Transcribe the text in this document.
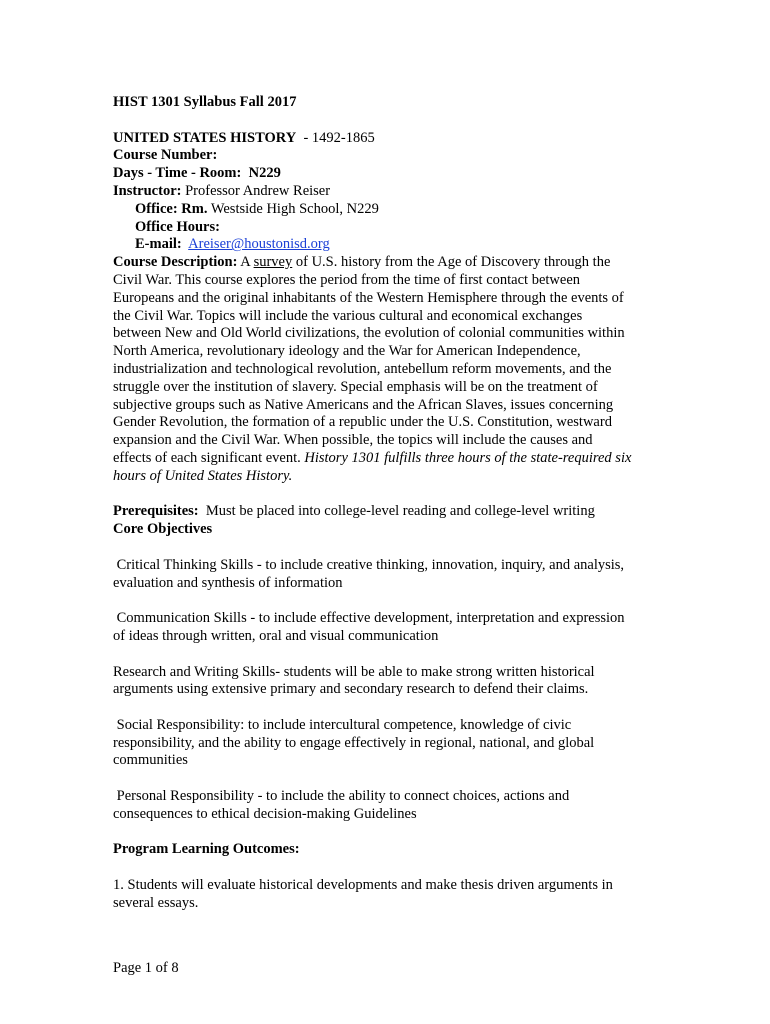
HIST 1301 Syllabus Fall 2017
UNITED STATES HISTORY - 1492-1865
Course Number:
Days - Time - Room: N229
Instructor: Professor Andrew Reiser
Office: Rm. Westside High School, N229
Office Hours:
E-mail: Areiser@houstonisd.org
Course Description: A survey of U.S. history from the Age of Discovery through the
Civil War. This course explores the period from the time of first contact between
Europeans and the original inhabitants of the Western Hemisphere through the events of
the Civil War. Topics will include the various cultural and economical exchanges
between New and Old World civilizations, the evolution of colonial communities within
North America, revolutionary ideology and the War for American Independence,
industrialization and technological revolution, antebellum reform movements, and the
struggle over the institution of slavery. Special emphasis will be on the treatment of
subjective groups such as Native Americans and the African Slaves, issues concerning
Gender Revolution, the formation of a republic under the U.S. Constitution, westward
expansion and the Civil War. When possible, the topics will include the causes and
effects of each significant event. History 1301 fulfills three hours of the state-required six
hours of United States History.
Prerequisites: Must be placed into college-level reading and college-level writing
Core Objectives
Critical Thinking Skills - to include creative thinking, innovation, inquiry, and analysis,
evaluation and synthesis of information
Communication Skills - to include effective development, interpretation and expression
of ideas through written, oral and visual communication
Research and Writing Skills- students will be able to make strong written historical
arguments using extensive primary and secondary research to defend their claims.
Social Responsibility: to include intercultural competence, knowledge of civic
responsibility, and the ability to engage effectively in regional, national, and global
communities
Personal Responsibility - to include the ability to connect choices, actions and
consequences to ethical decision-making Guidelines
Program Learning Outcomes:
1. Students will evaluate historical developments and make thesis driven arguments in
several essays.
Page 1 of 8
